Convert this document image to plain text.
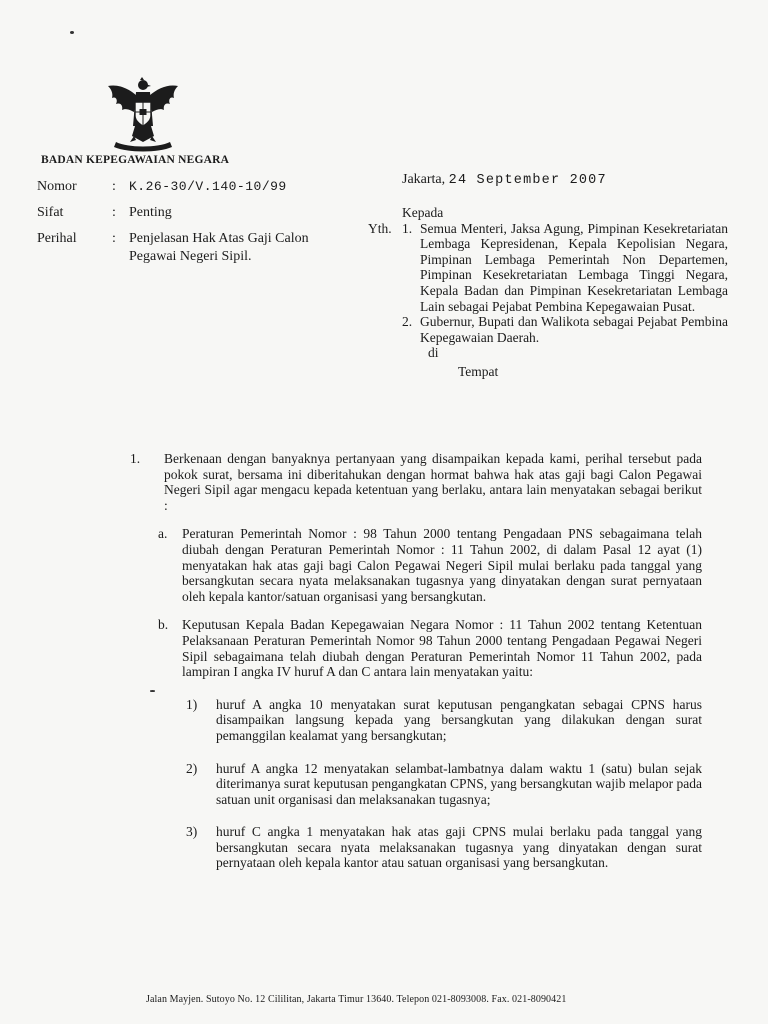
BADAN KEPEGAWAIAN NEGARA
Nomor	:	K.26-30/V.140-10/99
Sifat	: Penting
Perihal	: Penjelasan Hak Atas Gaji Calon Pegawai Negeri Sipil.
Jakarta, 24 September 2007
Kepada
Yth. 1. Semua Menteri, Jaksa Agung, Pimpinan Kesekretariatan Lembaga Kepresidenan, Kepala Kepolisian Negara, Pimpinan Lembaga Pemerintah Non Departemen, Pimpinan Kesekretariatan Lembaga Tinggi Negara, Kepala Badan dan Pimpinan Kesekretariatan Lembaga Lain sebagai Pejabat Pembina Kepegawaian Pusat.
2. Gubernur, Bupati dan Walikota sebagai Pejabat Pembina Kepegawaian Daerah.
di
Tempat
1.	Berkenaan dengan banyaknya pertanyaan yang disampaikan kepada kami, perihal tersebut pada pokok surat, bersama ini diberitahukan dengan hormat bahwa hak atas gaji bagi Calon Pegawai Negeri Sipil agar mengacu kepada ketentuan yang berlaku, antara lain menyatakan sebagai berikut :
a.	Peraturan Pemerintah Nomor : 98 Tahun 2000 tentang Pengadaan PNS sebagaimana telah diubah dengan Peraturan Pemerintah Nomor : 11 Tahun 2002, di dalam Pasal 12 ayat (1) menyatakan hak atas gaji bagi Calon Pegawai Negeri Sipil mulai berlaku pada tanggal yang bersangkutan secara nyata melaksanakan tugasnya yang dinyatakan dengan surat pernyataan oleh kepala kantor/satuan organisasi yang bersangkutan.
b.	Keputusan Kepala Badan Kepegawaian Negara Nomor : 11 Tahun 2002 tentang Ketentuan Pelaksanaan Peraturan Pemerintah Nomor 98 Tahun 2000 tentang Pengadaan Pegawai Negeri Sipil sebagaimana telah diubah dengan Peraturan Pemerintah Nomor 11 Tahun 2002, pada lampiran I angka IV huruf A dan C antara lain menyatakan yaitu:
1)	huruf A angka 10 menyatakan surat keputusan pengangkatan sebagai CPNS harus disampaikan langsung kepada yang bersangkutan yang dilakukan dengan surat pemanggilan kealamat yang bersangkutan;
2)	huruf A angka 12 menyatakan selambat-lambatnya dalam waktu 1 (satu) bulan sejak diterimanya surat keputusan pengangkatan CPNS, yang bersangkutan wajib melapor pada satuan unit organisasi dan melaksanakan tugasnya;
3)	huruf C angka 1 menyatakan hak atas gaji CPNS mulai berlaku pada tanggal yang bersangkutan secara nyata melaksanakan tugasnya yang dinyatakan dengan surat pernyataan oleh kepala kantor atau satuan organisasi yang bersangkutan.
Jalan Mayjen. Sutoyo No. 12 Cililitan, Jakarta Timur 13640. Telepon 021-8093008. Fax. 021-8090421
